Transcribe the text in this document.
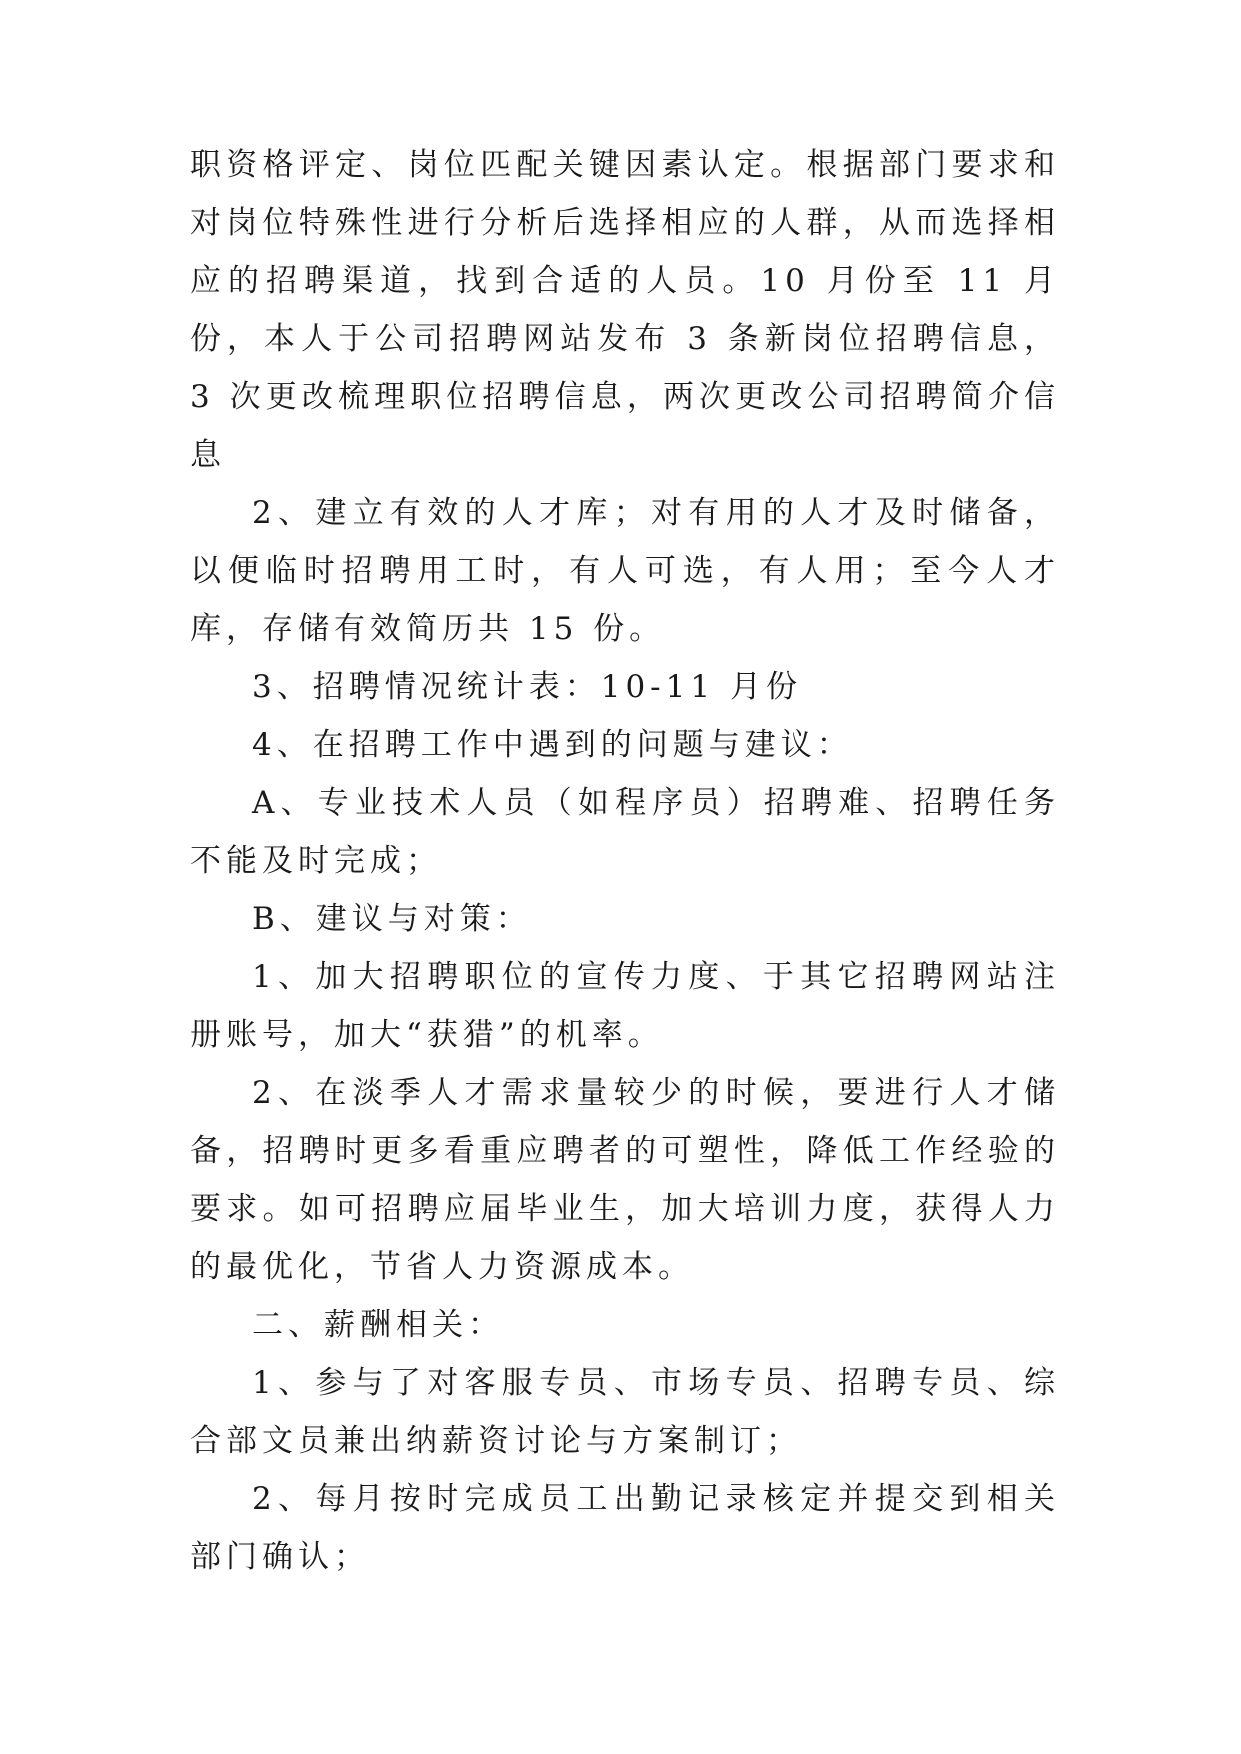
职资格评定、岗位匹配关键因素认定。根据部门要求和对岗位特殊性进行分析后选择相应的人群，从而选择相应的招聘渠道，找到合适的人员。10 月份至 11 月份，本人于公司招聘网站发布 3 条新岗位招聘信息，3 次更改梳理职位招聘信息，两次更改公司招聘简介信息

2、建立有效的人才库；对有用的人才及时储备，以便临时招聘用工时，有人可选，有人用；至今人才库，存储有效简历共 15 份。

3、招聘情况统计表：10-11 月份

4、在招聘工作中遇到的问题与建议：

A、专业技术人员（如程序员）招聘难、招聘任务不能及时完成；

B、建议与对策：

1、加大招聘职位的宣传力度、于其它招聘网站注册账号，加大“获猎”的机率。

2、在淡季人才需求量较少的时候，要进行人才储备，招聘时更多看重应聘者的可塑性，降低工作经验的要求。如可招聘应届毕业生，加大培训力度，获得人力的最优化，节省人力资源成本。

二、薪酬相关：

1、参与了对客服专员、市场专员、招聘专员、综合部文员兼出纳薪资讨论与方案制订；

2、每月按时完成员工出勤记录核定并提交到相关部门确认；
